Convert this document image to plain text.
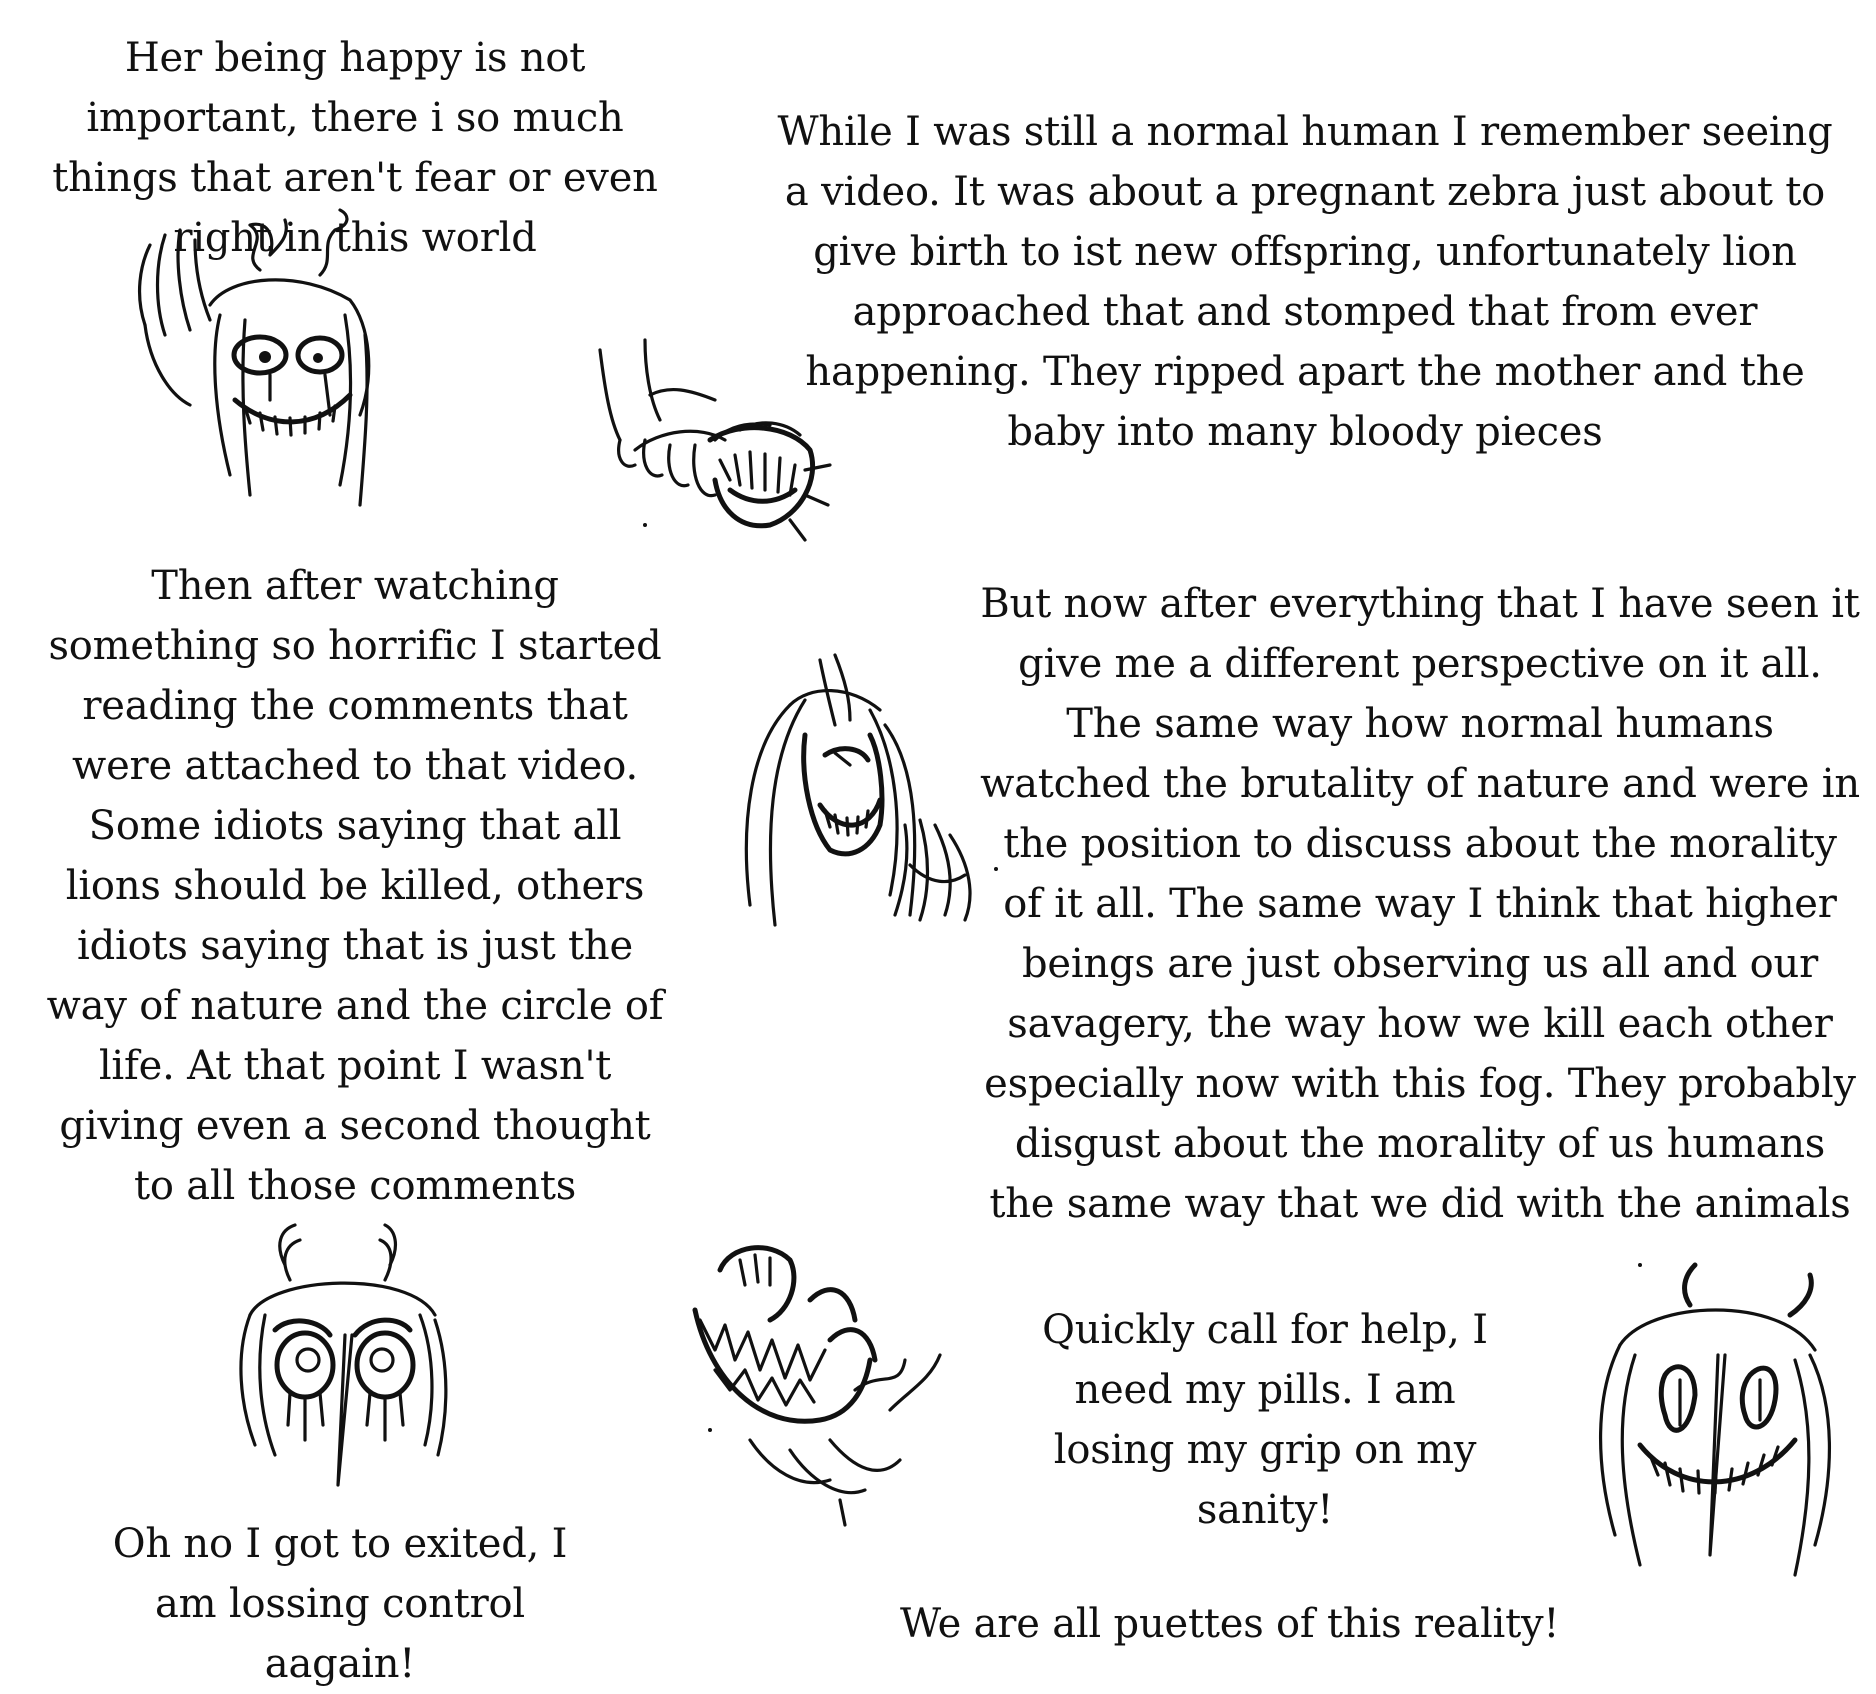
Her being happy is not important, there i so much things that aren't fear or even right in this world

While I was still a normal human I remember seeing a video. It was about a pregnant zebra just about to give birth to ist new offspring, unfortunately lion approached that and stomped that from ever happening. They ripped apart the mother and the baby into many bloody pieces

Then after watching something so horrific I started reading the comments that were attached to that video. Some idiots saying that all lions should be killed, others idiots saying that is just the way of nature and the circle of life. At that point I wasn't giving even a second thought to all those comments

But now after everything that I have seen it give me a different perspective on it all. The same way how normal humans watched the brutality of nature and were in the position to discuss about the morality of it all. The same way I think that higher beings are just observing us all and our savagery, the way how we kill each other especially now with this fog. They probably disgust about the morality of us humans the same way that we did with the animals

Oh no I got to exited, I am lossing control aagain!

Quickly call for help, I need my pills. I am losing my grip on my sanity!

We are all puettes of this reality!
